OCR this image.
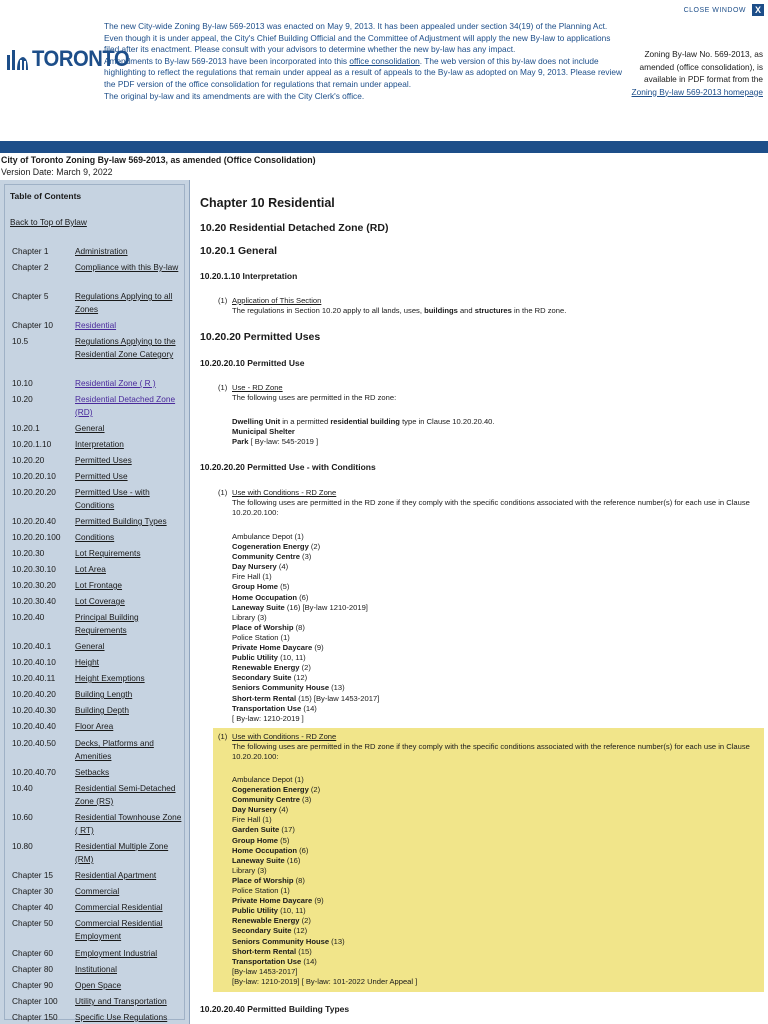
CLOSE WINDOW X
TORONTO
The new City-wide Zoning By-law 569-2013 was enacted on May 9, 2013. It has been appealed under section 34(19) of the Planning Act. Even though it is under appeal, the City's Chief Building Official and the Committee of Adjustment will apply the new By-law to applications filed after its enactment. Please consult with your advisors to determine whether the new by-law has any impact.
Amendments to By-law 569-2013 have been incorporated into this office consolidation. The web version of this by-law does not include highlighting to reflect the regulations that remain under appeal as a result of appeals to the By-law as adopted on May 9, 2013. Please review the PDF version of the office consolidation for regulations that remain under appeal.
The original by-law and its amendments are with the City Clerk's office.
Zoning By-law No. 569-2013, as amended (office consolidation), is available in PDF format from the
Zoning By-law 569-2013 homepage
City of Toronto Zoning By-law 569-2013, as amended (Office Consolidation)
Version Date: March 9, 2022
Table of Contents
Back to Top of Bylaw
Chapter 1	Administration
Chapter 2	Compliance with this By-law
Chapter 5	Regulations Applying to all Zones
Chapter 10	Residential
10.5	Regulations Applying to the Residential Zone Category
10.10	Residential Zone ( R )
10.20	Residential Detached Zone (RD)
10.20.1	General
10.20.1.10	Interpretation
10.20.20	Permitted Uses
10.20.20.10	Permitted Use
10.20.20.20	Permitted Use - with Conditions
10.20.20.40	Permitted Building Types
10.20.20.100	Conditions
10.20.30	Lot Requirements
10.20.30.10	Lot Area
10.20.30.20	Lot Frontage
10.20.30.40	Lot Coverage
10.20.40	Principal Building Requirements
10.20.40.1	General
10.20.40.10	Height
10.20.40.11	Height Exemptions
10.20.40.20	Building Length
10.20.40.30	Building Depth
10.20.40.40	Floor Area
10.20.40.50	Decks, Platforms and Amenities
10.20.40.70	Setbacks
10.40	Residential Semi-Detached Zone (RS)
10.60	Residential Townhouse Zone ( RT)
10.80	Residential Multiple Zone (RM)
Chapter 15	Residential Apartment
Chapter 30	Commercial
Chapter 40	Commercial Residential
Chapter 50	Commercial Residential Employment
Chapter 60	Employment Industrial
Chapter 80	Institutional
Chapter 90	Open Space
Chapter 100	Utility and Transportation
Chapter 150	Specific Use Regulations
Chapter 10 Residential
10.20 Residential Detached Zone (RD)
10.20.1 General
10.20.1.10 Interpretation
(1) Application of This Section
The regulations in Section 10.20 apply to all lands, uses, buildings and structures in the RD zone.
10.20.20 Permitted Uses
10.20.20.10 Permitted Use
(1) Use - RD Zone
The following uses are permitted in the RD zone:
Dwelling Unit in a permitted residential building type in Clause 10.20.20.40.
Municipal Shelter
Park [ By-law: 545-2019 ]
10.20.20.20 Permitted Use - with Conditions
(1) Use with Conditions - RD Zone
The following uses are permitted in the RD zone if they comply with the specific conditions associated with the reference number(s) for each use in Clause 10.20.20.100:
Ambulance Depot (1)
Cogeneration Energy (2)
Community Centre (3)
Day Nursery (4)
Fire Hall (1)
Group Home (5)
Home Occupation (6)
Laneway Suite (16) [By-law 1210-2019]
Library (3)
Place of Worship (8)
Police Station (1)
Private Home Daycare (9)
Public Utility (10, 11)
Renewable Energy (2)
Secondary Suite (12)
Seniors Community House (13)
Short-term Rental (15) [By-law 1453-2017]
Transportation Use (14)
[ By-law: 1210-2019 ]
(1) Use with Conditions - RD Zone
The following uses are permitted in the RD zone if they comply with the specific conditions associated with the reference number(s) for each use in Clause 10.20.20.100:
Ambulance Depot (1)
Cogeneration Energy (2)
Community Centre (3)
Day Nursery (4)
Fire Hall (1)
Garden Suite (17)
Group Home (5)
Home Occupation (6)
Laneway Suite (16)
Library (3)
Place of Worship (8)
Police Station (1)
Private Home Daycare (9)
Public Utility (10, 11)
Renewable Energy (2)
Secondary Suite (12)
Seniors Community House (13)
Short-term Rental (15)
Transportation Use (14)
[By-law 1453-2017]
[By-law: 1210-2019] [ By-law: 101-2022 Under Appeal ]
10.20.20.40 Permitted Building Types
